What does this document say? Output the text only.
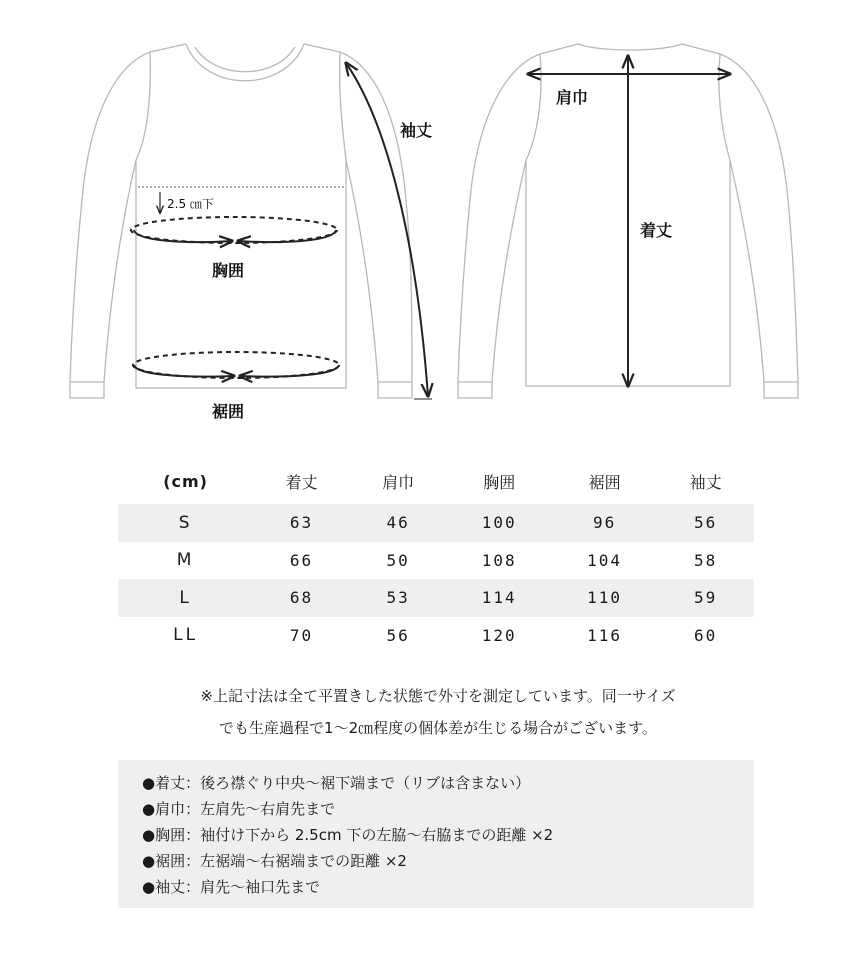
2.5 ㎝下
胸囲
裾囲
袖丈
肩巾
着丈
(cm)	着丈	肩巾	胸囲	裾囲	袖丈
S	63	46	100	96	56
M	66	50	108	104	58
L	68	53	114	110	59
LL	70	56	120	116	60
※上記寸法は全て平置きした状態で外寸を測定しています。同一サイズ
でも生産過程で1〜2㎝程度の個体差が生じる場合がございます。
●着丈：後ろ襟ぐり中央〜裾下端まで（リブは含まない）
●肩巾：左肩先〜右肩先まで
●胸囲：袖付け下から 2.5cm 下の左脇〜右脇までの距離 ×2
●裾囲：左裾端〜右裾端までの距離 ×2
●袖丈：肩先〜袖口先まで
